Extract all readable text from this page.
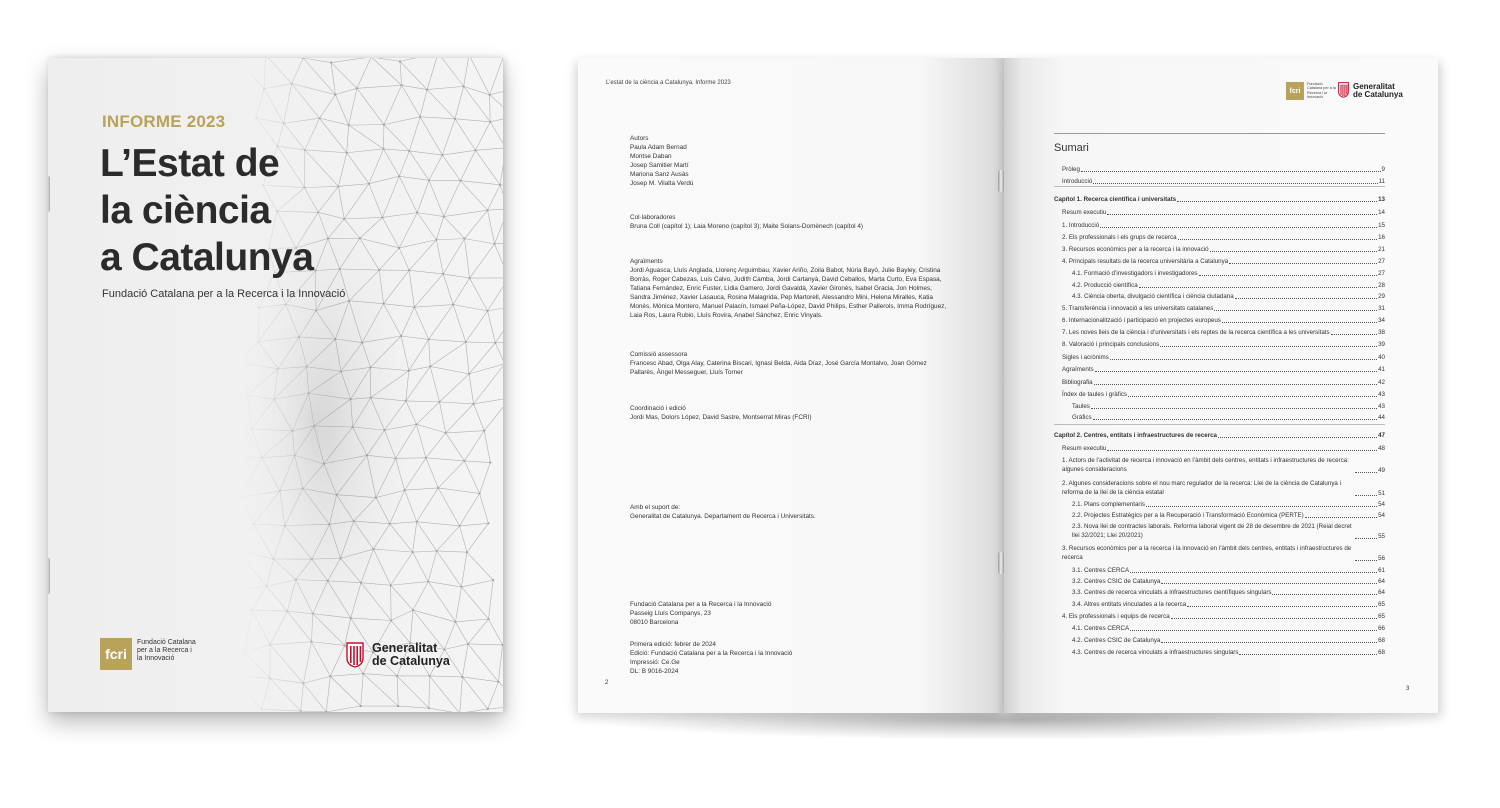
INFORME 2023
L’Estat de
la ciència
a Catalunya
Fundació Catalana per a la Recerca i la Innovació
fcri
Fundació Catalana per a la Recerca i la Innovació
Generalitat
de Catalunya
L’estat de la ciència a Catalunya. Informe 2023
Autors
Paula Adam Bernad
Montse Daban
Josep Samitier Martí
Mariona Sanz Ausàs
Josep M. Vilalta Verdú
Col·laboradores
Bruna Coll (capítol 1); Laia Moreno (capítol 3); Maite Solans-Domènech (capítol 4)
Agraïments
Jordi Aguasca, Lluís Anglada, Llorenç Arguimbau, Xavier Ariño, Zoila Babot, Núria Bayó, Julie Bayley, Cristina
Borràs, Roger Cabezas, Luis Calvo, Judith Camba, Jordi Cartanyà, David Ceballos, Marta Curto, Eva Espasa,
Tatiana Fernández, Enric Fuster, Lídia Gamero, Jordi Gavaldà, Xavier Gironès, Isabel Gracia, Jon Holmes,
Sandra Jiménez, Xavier Lasauca, Rosina Malagrida, Pep Martorell, Alessandro Mini, Helena Miralles, Katia
Monès, Mònica Montero, Manuel Palacín, Ismael Peña-López, David Philips, Esther Pallerols, Imma Rodríguez,
Laia Ros, Laura Rubio, Lluís Rovira, Anabel Sánchez, Enric Vinyals.
Comissió assessora
Francesc Abad, Olga Alay, Caterina Biscari, Ignasi Belda, Aida Díaz, José García Montalvo, Joan Gómez
Pallarès, Àngel Messeguer, Lluís Torner
Coordinació i edició
Jordi Mas, Dolors López, David Sastre, Montserrat Miras (FCRI)
Amb el suport de:
Generalitat de Catalunya. Departament de Recerca i Universitats.
Fundació Catalana per a la Recerca i la Innovació
Passeig Lluís Companys, 23
08010 Barcelona
Primera edició: febrer de 2024
Edició: Fundació Catalana per a la Recerca i la Innovació
Impressió: Ce.Ge
DL: B 9016-2024
2
fcri
Fundació Catalana per a la Recerca i la Innovació
Generalitat
de Catalunya
Sumari
Pròleg	9
Introducció	11
Capítol 1. Recerca científica i universitats	13
Resum executiu	14
1. Introducció	15
2. Els professionals i els grups de recerca	16
3. Recursos econòmics per a la recerca i la innovació	21
4. Principals resultats de la recerca universitària a Catalunya	27
4.1. Formació d’investigadors i investigadores	27
4.2. Producció científica	28
4.3. Ciència oberta, divulgació científica i ciència ciutadana	29
5. Transferència i innovació a les universitats catalanes	31
6. Internacionalització i participació en projectes europeus	34
7. Les noves lleis de la ciència i d’universitats i els reptes de la recerca científica a les universitats	38
8. Valoració i principals conclusions	39
Sigles i acrònims	40
Agraïments	41
Bibliografia	42
Índex de taules i gràfics	43
Taules	43
Gràfics	44
Capítol 2. Centres, entitats i infraestructures de recerca	47
Resum executiu	48
1. Actors de l’activitat de recerca i innovació en l’àmbit dels centres, entitats i infraestructures de recerca: algunes consideracions	49
2. Algunes consideracions sobre el nou marc regulador de la recerca: Llei de la ciència de Catalunya i reforma de la llei de la ciència estatal	51
2.1. Plans complementaris	54
2.2. Projectes Estratègics per a la Recuperació i Transformació Econòmica (PERTE)	54
2.3. Nova llei de contractes laborals. Reforma laboral vigent de 28 de desembre de 2021 (Reial decret llei 32/2021; Llei 20/2021)	55
3. Recursos econòmics per a la recerca i la innovació en l’àmbit dels centres, entitats i infraestructures de recerca	56
3.1. Centres CERCA	61
3.2. Centres CSIC de Catalunya	64
3.3. Centres de recerca vinculats a infraestructures científiques singulars	64
3.4. Altres entitats vinculades a la recerca	65
4. Els professionals i equips de recerca	65
4.1. Centres CERCA	66
4.2. Centres CSIC de Catalunya	68
4.3. Centres de recerca vinculats a infraestructures singulars	68
3
